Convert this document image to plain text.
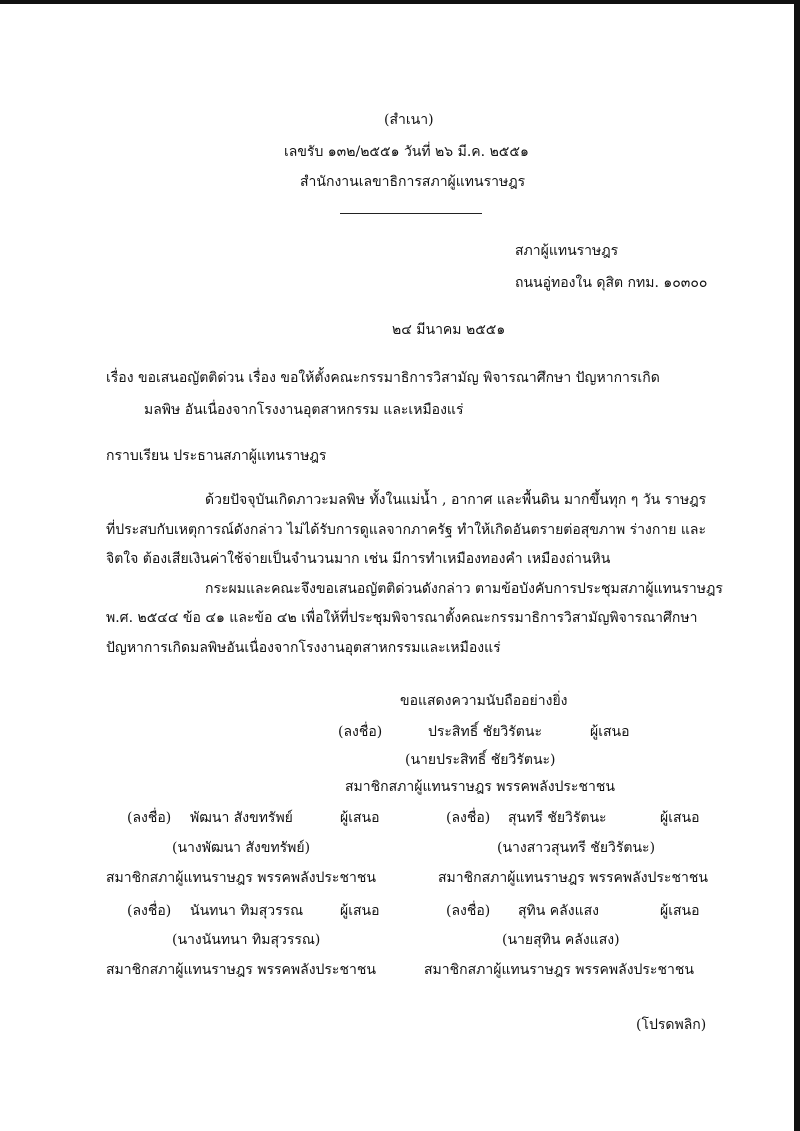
(สำเนา)
เลขรับ ๑๓๒/๒๕๕๑ วันที่ ๒๖ มี.ค. ๒๕๕๑
สำนักงานเลขาธิการสภาผู้แทนราษฎร
สภาผู้แทนราษฎร
ถนนอู่ทองใน ดุสิต กทม. ๑๐๓๐๐
๒๔ มีนาคม ๒๕๕๑
เรื่อง ขอเสนอญัตติด่วน เรื่อง ขอให้ตั้งคณะกรรมาธิการวิสามัญ พิจารณาศึกษา ปัญหาการเกิด
มลพิษ อันเนื่องจากโรงงานอุตสาหกรรม และเหมืองแร่
กราบเรียน ประธานสภาผู้แทนราษฎร
ด้วยปัจจุบันเกิดภาวะมลพิษ ทั้งในแม่น้ำ , อากาศ และพื้นดิน มากขึ้นทุก ๆ วัน ราษฎร
ที่ประสบกับเหตุการณ์ดังกล่าว ไม่ได้รับการดูแลจากภาครัฐ ทำให้เกิดอันตรายต่อสุขภาพ ร่างกาย และ
จิตใจ ต้องเสียเงินค่าใช้จ่ายเป็นจำนวนมาก เช่น มีการทำเหมืองทองคำ เหมืองถ่านหิน
กระผมและคณะจึงขอเสนอญัตติด่วนดังกล่าว ตามข้อบังคับการประชุมสภาผู้แทนราษฎร
พ.ศ. ๒๕๔๔ ข้อ ๔๑ และข้อ ๔๒ เพื่อให้ที่ประชุมพิจารณาตั้งคณะกรรมาธิการวิสามัญพิจารณาศึกษา
ปัญหาการเกิดมลพิษอันเนื่องจากโรงงานอุตสาหกรรมและเหมืองแร่
ขอแสดงความนับถืออย่างยิ่ง
(ลงชื่อ)	ประสิทธิ์ ชัยวิรัตนะ	ผู้เสนอ
(นายประสิทธิ์ ชัยวิรัตนะ)
สมาชิกสภาผู้แทนราษฎร พรรคพลังประชาชน
(ลงชื่อ) พัฒนา สังขทรัพย์	ผู้เสนอ
(นางพัฒนา สังขทรัพย์)
สมาชิกสภาผู้แทนราษฎร พรรคพลังประชาชน
(ลงชื่อ) สุนทรี ชัยวิรัตนะ	ผู้เสนอ
(นางสาวสุนทรี ชัยวิรัตนะ)
สมาชิกสภาผู้แทนราษฎร พรรคพลังประชาชน
(ลงชื่อ) นันทนา ทิมสุวรรณ	ผู้เสนอ
(นางนันทนา ทิมสุวรรณ)
สมาชิกสภาผู้แทนราษฎร พรรคพลังประชาชน
(ลงชื่อ) สุทิน คลังแสง	ผู้เสนอ
(นายสุทิน คลังแสง)
สมาชิกสภาผู้แทนราษฎร พรรคพลังประชาชน
(โปรดพลิก)
